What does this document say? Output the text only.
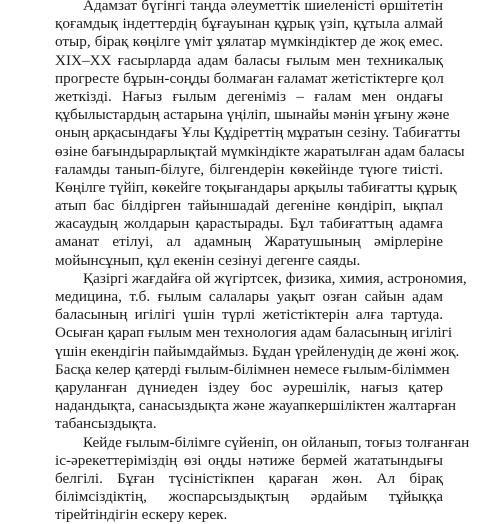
Адамзат бүгінгі таңда әлеуметтік шиеленісті өршітетін
қоғамдық індеттердің бұғауынан құрық үзіп, құтыла алмай
отыр, бірақ көңілге үміт ұялатар мүмкіндіктер де жоқ емес.
XIX–XX ғасырларда адам баласы ғылым мен техникалық
прогресте бұрын-соңды болмаған ғаламат жетістіктерге қол
жеткізді. Нағыз ғылым дегеніміз – ғалам мен ондағы
құбылыстардың астарына үңіліп, шынайы мәнін ұғыну және
оның арқасындағы Ұлы Құдіреттің мұратын сезіну. Табиғатты
өзіне бағындырарлықтай мүмкіндікте жаратылған адам баласы
ғаламды танып-білуге, білгендерін көкейінде түюге тиісті.
Көңілге түйіп, көкейге тоқығандары арқылы табиғатты құрық
атып бас білдірген тайыншадай дегеніне көндіріп, ықпал
жасаудың жолдарын қарастырады. Бұл табиғаттың адамға
аманат етілуі, ал адамның Жаратушының әмірлеріне
мойынсұнып, құл екенін сезінуі дегенге саяды.
Қазіргі жағдайға ой жүгіртсек, физика, химия, астрономия,
медицина, т.б. ғылым салалары уақыт озған сайын адам
баласының игілігі үшін түрлі жетістіктерін алға тартуда.
Осыған қарап ғылым мен технология адам баласының игілігі
үшін екендігін пайымдаймыз. Бұдан үрейленудің де жөні жоқ.
Басқа келер қатерді ғылым-білімнен немесе ғылым-біліммен
қаруланған дүниеден іздеу бос әурешілік, нағыз қатер
надандықта, санасыздықта және жауапкершіліктен жалтарған
табансыздықта.
Кейде ғылым-білімге сүйеніп, он ойланып, тоғыз толғанған
іс-әрекеттеріміздің өзі оңды нәтиже бермей жататындығы
белгілі. Бұған түсіністікпен қараған жөн. Ал бірақ
білімсіздіктің, жоспарсыздықтың әрдайым тұйыққа
тірейтіндігін ескеру керек.
